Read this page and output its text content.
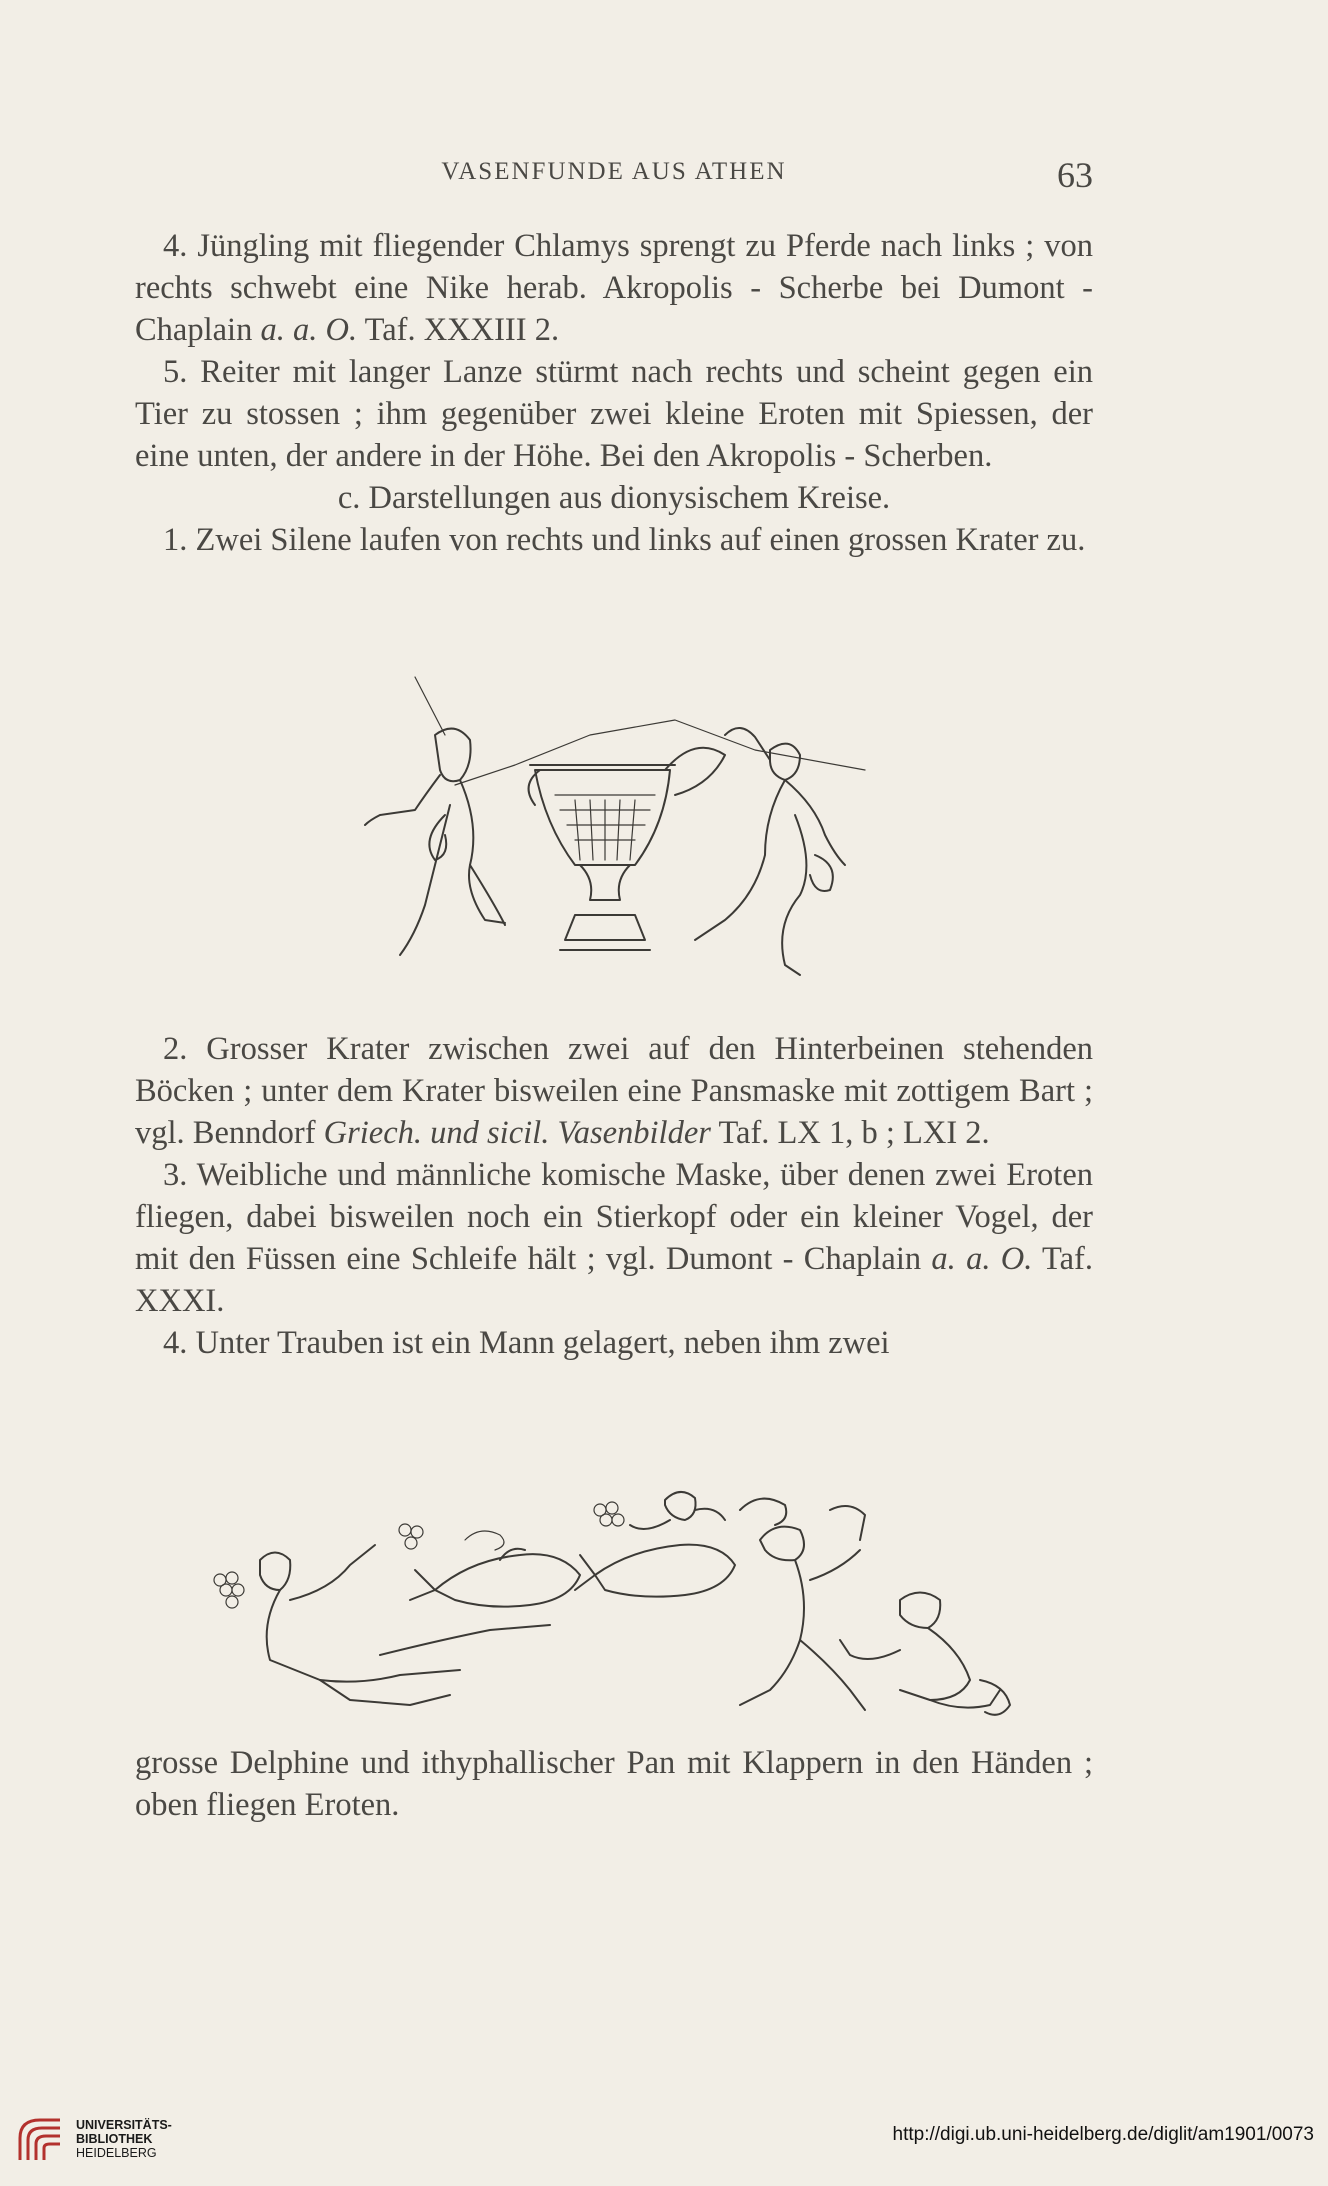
VASENFUNDE AUS ATHEN	63

4. Jüngling mit fliegender Chlamys sprengt zu Pferde nach links ; von rechts schwebt eine Nike herab. Akropolis - Scherbe bei Dumont - Chaplain a. a. O. Taf. XXXIII 2.

5. Reiter mit langer Lanze stürmt nach rechts und scheint gegen ein Tier zu stossen ; ihm gegenüber zwei kleine Eroten mit Spiessen, der eine unten, der andere in der Höhe. Bei den Akropolis - Scherben.

c. Darstellungen aus dionysischem Kreise.

1. Zwei Silene laufen von rechts und links auf einen grossen Krater zu.

2. Grosser Krater zwischen zwei auf den Hinterbeinen stehenden Böcken ; unter dem Krater bisweilen eine Pansmaske mit zottigem Bart ; vgl. Benndorf Griech. und sicil. Vasenbilder Taf. LX 1, b ; LXI 2.

3. Weibliche und männliche komische Maske, über denen zwei Eroten fliegen, dabei bisweilen noch ein Stierkopf oder ein kleiner Vogel, der mit den Füssen eine Schleife hält ; vgl. Dumont - Chaplain a. a. O. Taf. XXXI.

4. Unter Trauben ist ein Mann gelagert, neben ihm zwei

grosse Delphine und ithyphallischer Pan mit Klappern in den Händen ; oben fliegen Eroten.

UNIVERSITÄTS-
BIBLIOTHEK
HEIDELBERG
http://digi.ub.uni-heidelberg.de/diglit/am1901/0073
